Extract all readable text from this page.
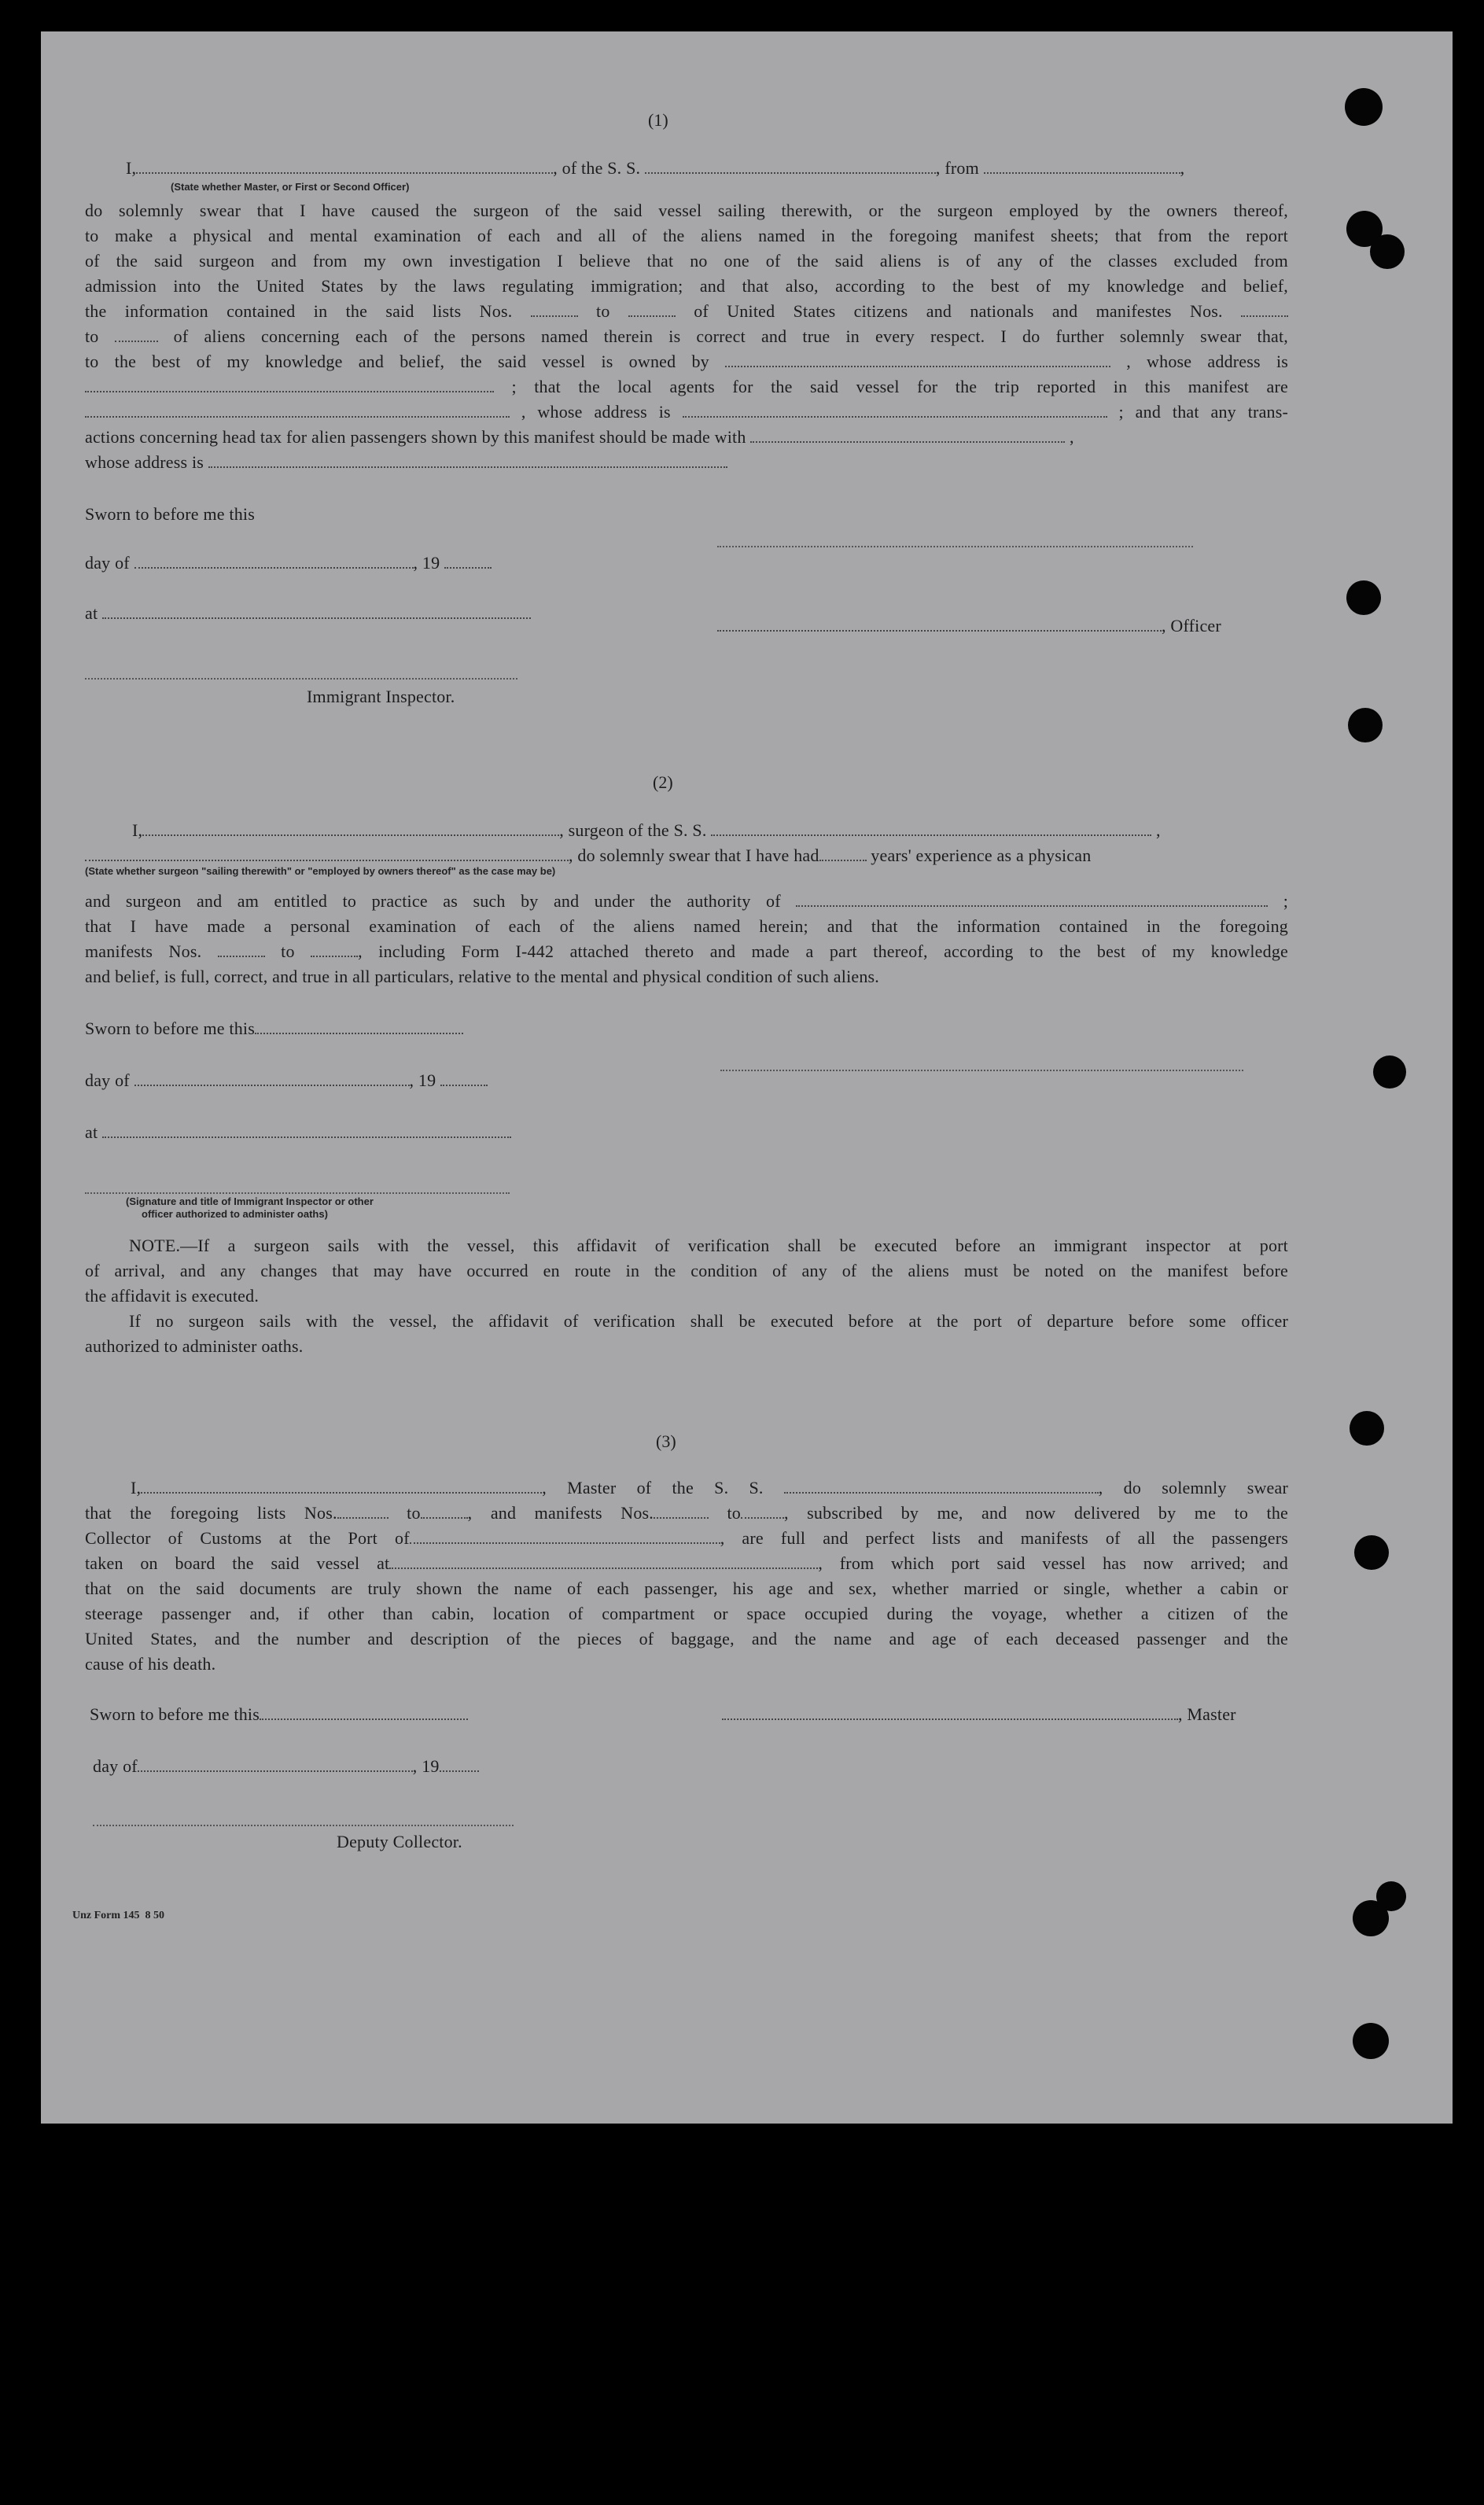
(1)

I,	, of the S. S.	, from	,

(State whether Master, or First or Second Officer)

do solemnly swear that I have caused the surgeon of the said vessel sailing therewith, or the surgeon employed by the owners thereof,

to make a physical and mental examination of each and all of the aliens named in the foregoing manifest sheets; that from the report

of the said surgeon and from my own investigation I believe that no one of the said aliens is of any of the classes excluded from

admission into the United States by the laws regulating immigration; and that also, according to the best of my knowledge and belief,

the information contained in the said lists Nos.	to	of United States citizens and nationals and manifestes Nos.

to	of aliens concerning each of the persons named therein is correct and true in every respect. I do further solemnly swear that,

to the best of my knowledge and belief, the said vessel is owned by	, whose address is

; that the local agents for the said vessel for the trip reported in this manifest are

, whose address is	; and that any trans-

actions concerning head tax for alien passengers shown by this manifest should be made with	,

whose address is

Sworn to before me this

day of	, 19

at

, Officer

Immigrant Inspector.

(2)

I,	, surgeon of the S. S.	,

, do solemnly swear that I have had	years' experience as a physican

(State whether surgeon "sailing therewith" or "employed by owners thereof" as the case may be)

and surgeon and am entitled to practice as such by and under the authority of	;

that I have made a personal examination of each of the aliens named herein; and that the information contained in the foregoing

manifests Nos.	to	, including Form I-442 attached thereto and made a part thereof, according to the best of my knowledge

and belief, is full, correct, and true in all particulars, relative to the mental and physical condition of such aliens.

Sworn to before me this

day of	, 19

at

(Signature and title of Immigrant Inspector or other

officer authorized to administer oaths)

NOTE.—If a surgeon sails with the vessel, this affidavit of verification shall be executed before an immigrant inspector at port

of arrival, and any changes that may have occurred en route in the condition of any of the aliens must be noted on the manifest before

the affidavit is executed.

If no surgeon sails with the vessel, the affidavit of verification shall be executed before at the port of departure before some officer

authorized to administer oaths.

(3)

I,	, Master of the S. S.	, do solemnly swear

that the foregoing lists Nos.	to	, and manifests Nos.	to	, subscribed by me, and now delivered by me to the

Collector of Customs at the Port of	, are full and perfect lists and manifests of all the passengers

taken on board the said vessel at	, from which port said vessel has now arrived; and

that on the said documents are truly shown the name of each passenger, his age and sex, whether married or single, whether a cabin or

steerage passenger and, if other than cabin, location of compartment or space occupied during the voyage, whether a citizen of the

United States, and the number and description of the pieces of baggage, and the name and age of each deceased passenger and the

cause of his death.

Sworn to before me this	, Master

day of	, 19

Deputy Collector.

Unz Form 145 8 50
